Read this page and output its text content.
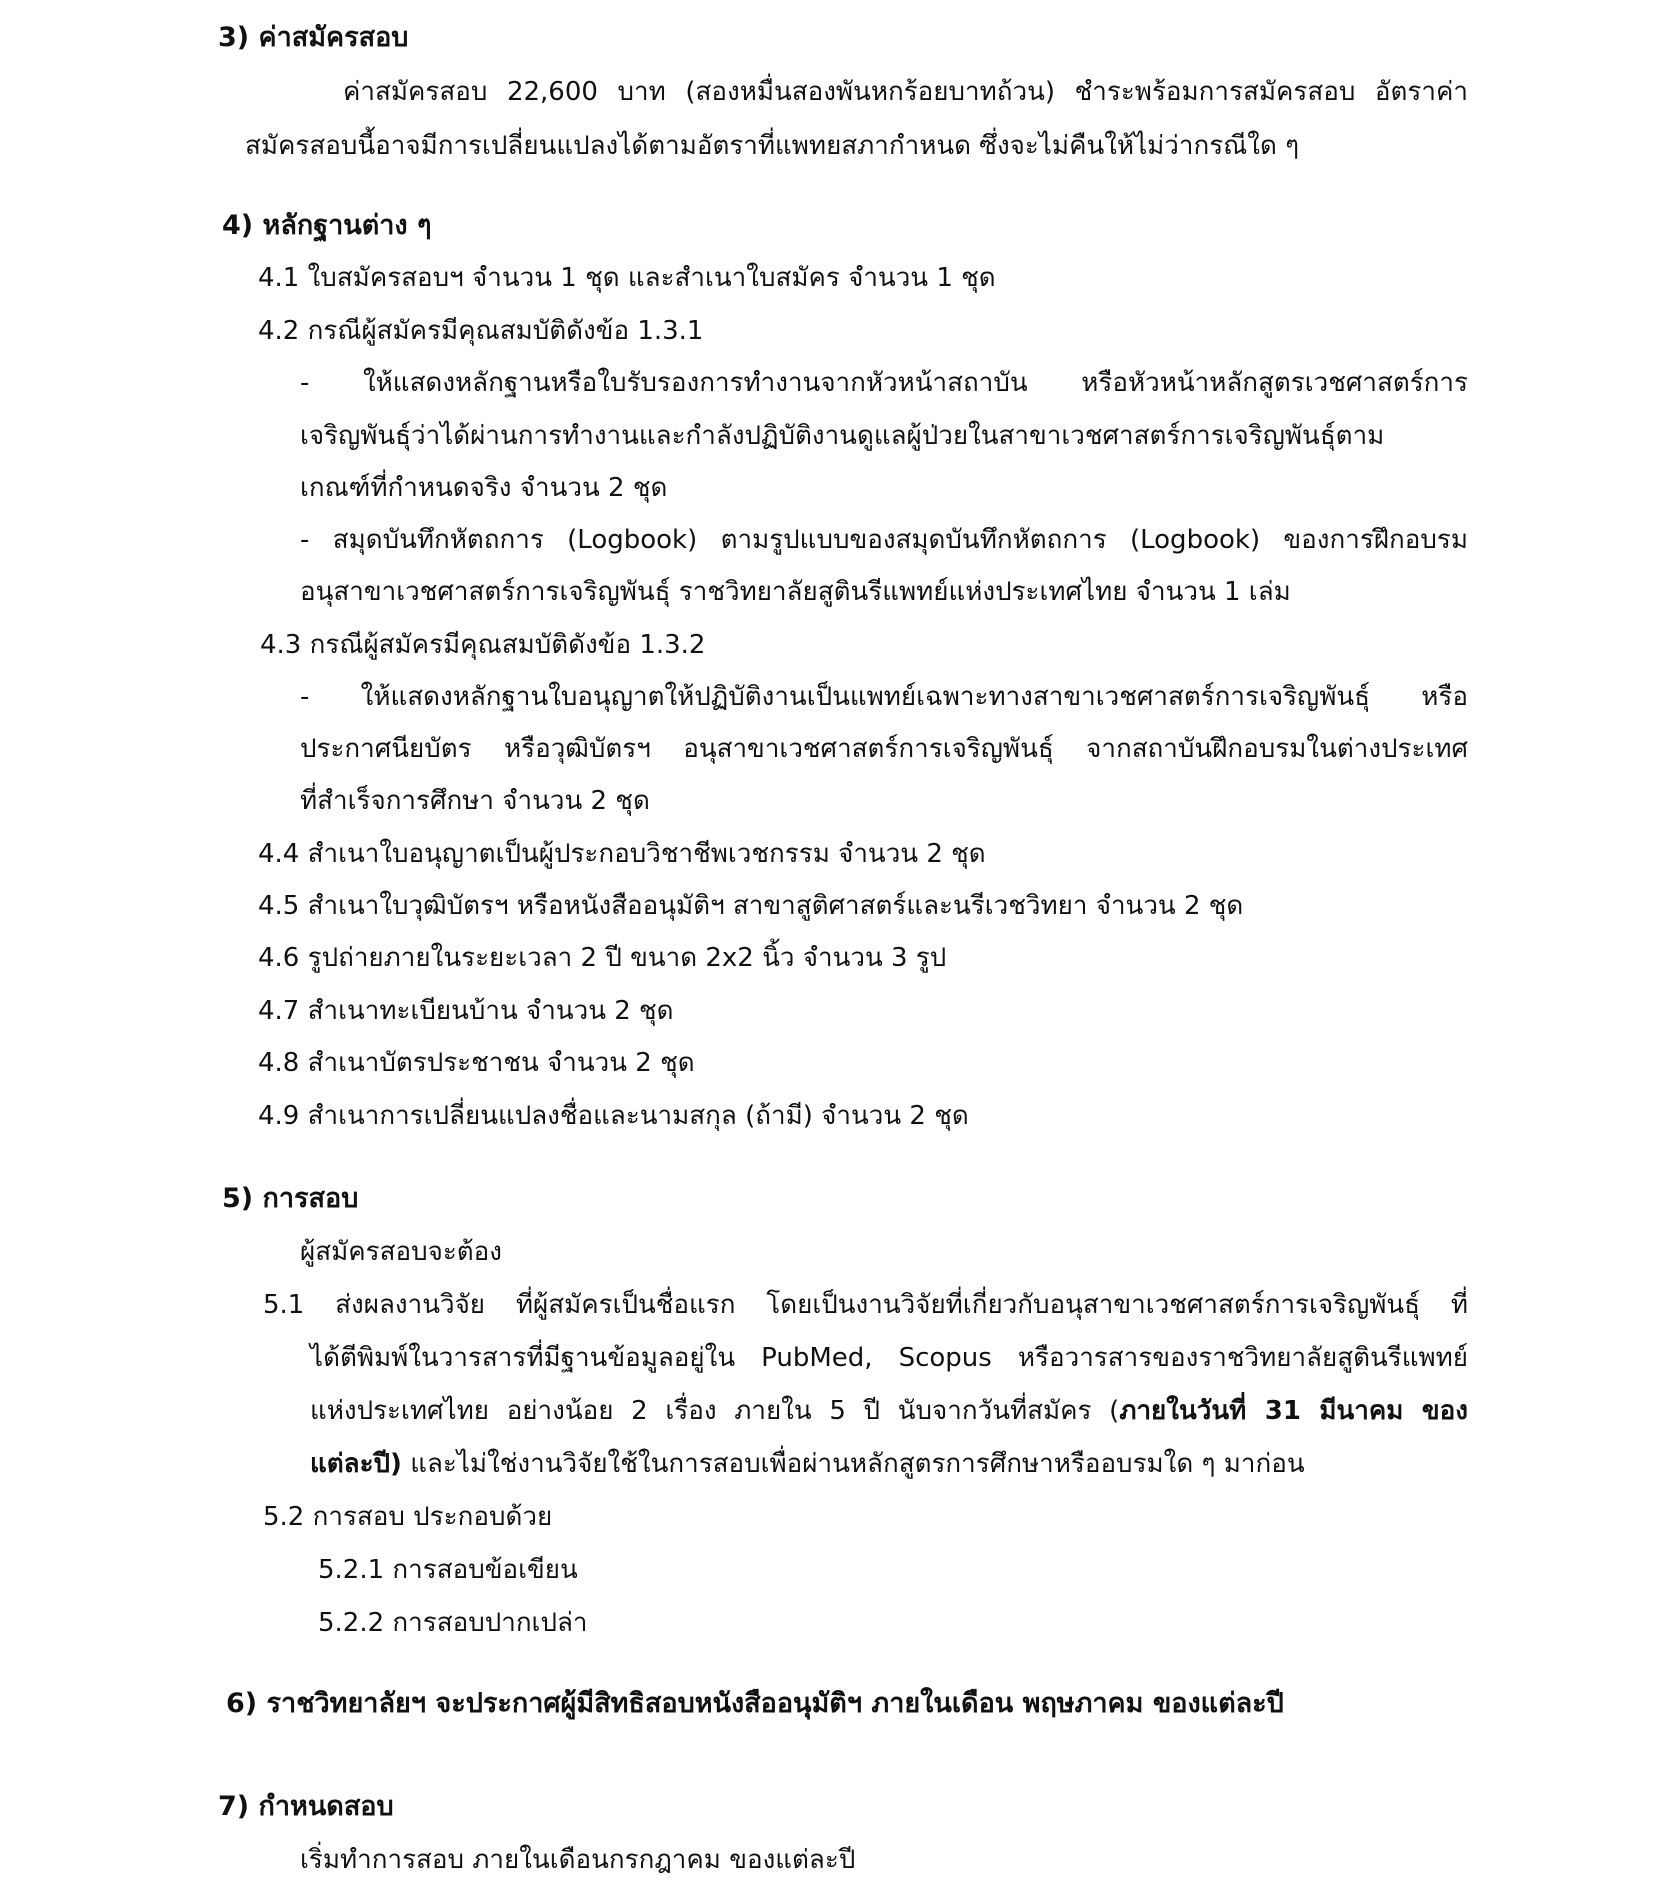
3) ค่าสมัครสอบ
ค่าสมัครสอบ 22,600 บาท (สองหมื่นสองพันหกร้อยบาทถ้วน) ชำระพร้อมการสมัครสอบ อัตราค่า
สมัครสอบนี้อาจมีการเปลี่ยนแปลงได้ตามอัตราที่แพทยสภากำหนด ซึ่งจะไม่คืนให้ไม่ว่ากรณีใด ๆ
4) หลักฐานต่าง ๆ
4.1 ใบสมัครสอบฯ จำนวน 1 ชุด และสำเนาใบสมัคร จำนวน 1 ชุด
4.2 กรณีผู้สมัครมีคุณสมบัติดังข้อ 1.3.1
- ให้แสดงหลักฐานหรือใบรับรองการทำงานจากหัวหน้าสถาบัน หรือหัวหน้าหลักสูตรเวชศาสตร์การ
เจริญพันธุ์ว่าได้ผ่านการทำงานและกำลังปฏิบัติงานดูแลผู้ป่วยในสาขาเวชศาสตร์การเจริญพันธุ์ตาม
เกณฑ์ที่กำหนดจริง จำนวน 2 ชุด
- สมุดบันทึกหัตถการ (Logbook) ตามรูปแบบของสมุดบันทึกหัตถการ (Logbook) ของการฝึกอบรม
อนุสาขาเวชศาสตร์การเจริญพันธุ์ ราชวิทยาลัยสูตินรีแพทย์แห่งประเทศไทย จำนวน 1 เล่ม
4.3 กรณีผู้สมัครมีคุณสมบัติดังข้อ 1.3.2
- ให้แสดงหลักฐานใบอนุญาตให้ปฏิบัติงานเป็นแพทย์เฉพาะทางสาขาเวชศาสตร์การเจริญพันธุ์ หรือ
ประกาศนียบัตร หรือวุฒิบัตรฯ อนุสาขาเวชศาสตร์การเจริญพันธุ์ จากสถาบันฝึกอบรมในต่างประเทศ
ที่สำเร็จการศึกษา จำนวน 2 ชุด
4.4 สำเนาใบอนุญาตเป็นผู้ประกอบวิชาชีพเวชกรรม จำนวน 2 ชุด
4.5 สำเนาใบวุฒิบัตรฯ หรือหนังสืออนุมัติฯ สาขาสูติศาสตร์และนรีเวชวิทยา จำนวน 2 ชุด
4.6 รูปถ่ายภายในระยะเวลา 2 ปี ขนาด 2x2 นิ้ว จำนวน 3 รูป
4.7 สำเนาทะเบียนบ้าน จำนวน 2 ชุด
4.8 สำเนาบัตรประชาชน จำนวน 2 ชุด
4.9 สำเนาการเปลี่ยนแปลงชื่อและนามสกุล (ถ้ามี) จำนวน 2 ชุด
5) การสอบ
ผู้สมัครสอบจะต้อง
5.1 ส่งผลงานวิจัย ที่ผู้สมัครเป็นชื่อแรก โดยเป็นงานวิจัยที่เกี่ยวกับอนุสาขาเวชศาสตร์การเจริญพันธุ์ ที่
ได้ตีพิมพ์ในวารสารที่มีฐานข้อมูลอยู่ใน PubMed, Scopus หรือวารสารของราชวิทยาลัยสูตินรีแพทย์
แห่งประเทศไทย อย่างน้อย 2 เรื่อง ภายใน 5 ปี นับจากวันที่สมัคร (ภายในวันที่ 31 มีนาคม ของ
แต่ละปี) และไม่ใช่งานวิจัยใช้ในการสอบเพื่อผ่านหลักสูตรการศึกษาหรืออบรมใด ๆ มาก่อน
5.2 การสอบ ประกอบด้วย
5.2.1 การสอบข้อเขียน
5.2.2 การสอบปากเปล่า
6) ราชวิทยาลัยฯ จะประกาศผู้มีสิทธิสอบหนังสืออนุมัติฯ ภายในเดือน พฤษภาคม ของแต่ละปี
7) กำหนดสอบ
เริ่มทำการสอบ ภายในเดือนกรกฎาคม ของแต่ละปี
